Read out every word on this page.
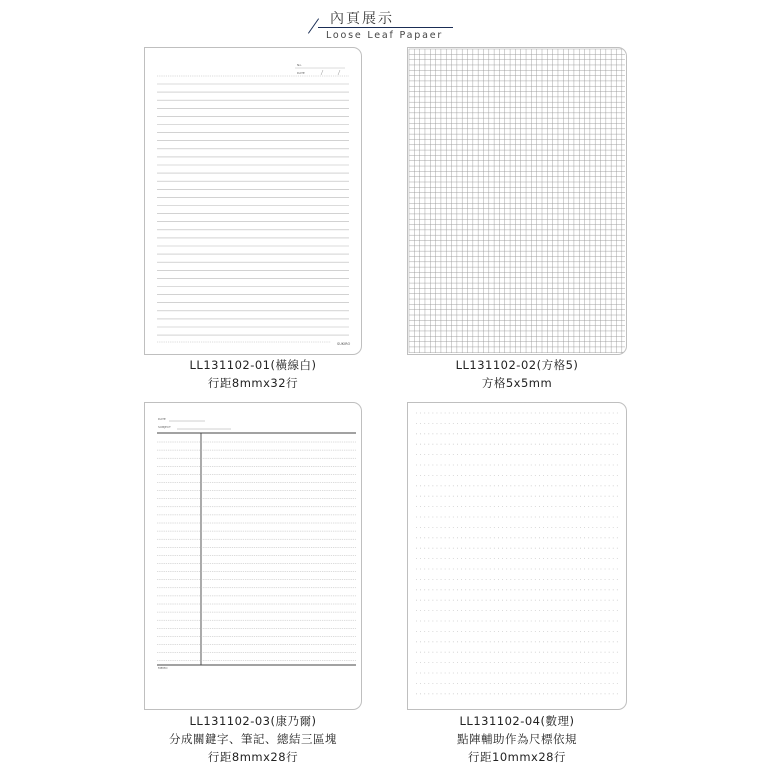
內頁展示
Loose Leaf Papaer
No.
DATE
SUKIRO
LL131102-01(橫線白)
行距8mmx32行
LL131102-02(方格5)
方格5x5mm
DATE
SUBJECT
MEMO
LL131102-03(康乃爾)
分成關鍵字、筆記、總結三區塊
行距8mmx28行
LL131102-04(數理)
點陣輔助作為尺標依規
行距10mmx28行
